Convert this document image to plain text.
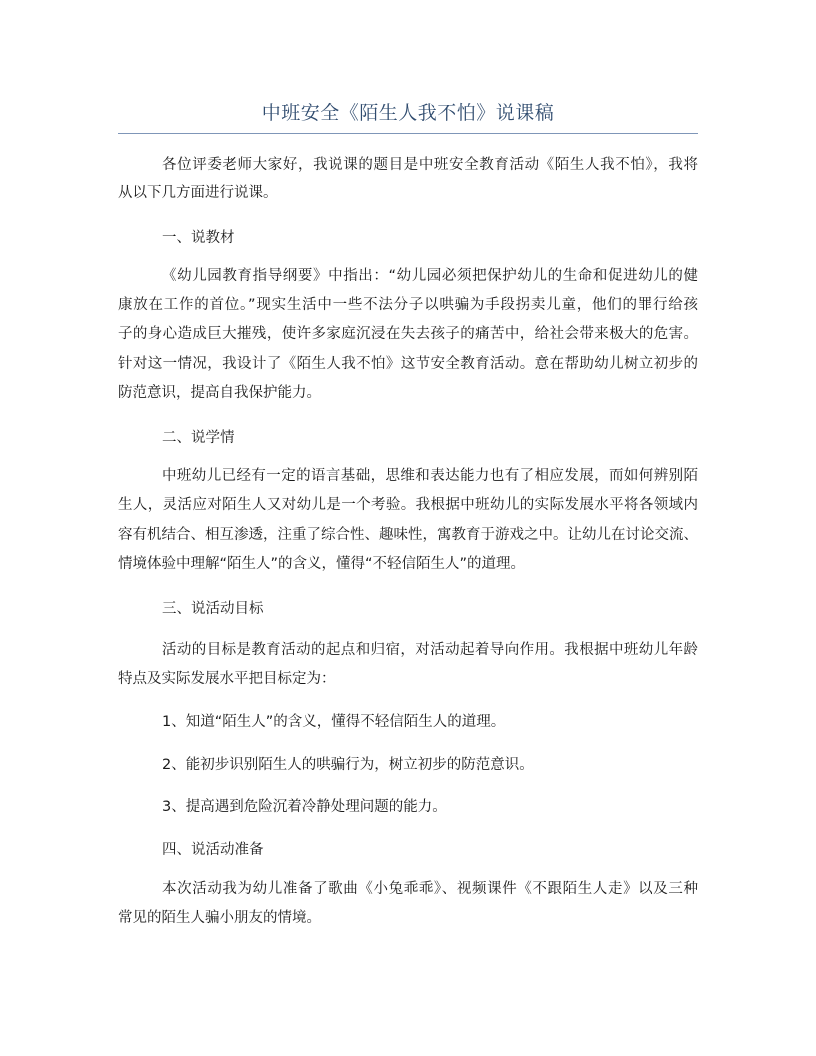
中班安全《陌生人我不怕》说课稿
各位评委老师大家好，我说课的题目是中班安全教育活动《陌生人我不怕》，我将
从以下几方面进行说课。
一、说教材
《幼儿园教育指导纲要》中指出：“幼儿园必须把保护幼儿的生命和促进幼儿的健
康放在工作的首位。”现实生活中一些不法分子以哄骗为手段拐卖儿童，他们的罪行给孩
子的身心造成巨大摧残，使许多家庭沉浸在失去孩子的痛苦中，给社会带来极大的危害。
针对这一情况，我设计了《陌生人我不怕》这节安全教育活动。意在帮助幼儿树立初步的
防范意识，提高自我保护能力。
二、说学情
中班幼儿已经有一定的语言基础，思维和表达能力也有了相应发展，而如何辨别陌
生人，灵活应对陌生人又对幼儿是一个考验。我根据中班幼儿的实际发展水平将各领域内
容有机结合、相互渗透，注重了综合性、趣味性，寓教育于游戏之中。让幼儿在讨论交流、
情境体验中理解“陌生人”的含义，懂得“不轻信陌生人”的道理。
三、说活动目标
活动的目标是教育活动的起点和归宿，对活动起着导向作用。我根据中班幼儿年龄
特点及实际发展水平把目标定为：
1、知道“陌生人”的含义，懂得不轻信陌生人的道理。
2、能初步识别陌生人的哄骗行为，树立初步的防范意识。
3、提高遇到危险沉着冷静处理问题的能力。
四、说活动准备
本次活动我为幼儿准备了歌曲《小兔乖乖》、视频课件《不跟陌生人走》以及三种
常见的陌生人骗小朋友的情境。
